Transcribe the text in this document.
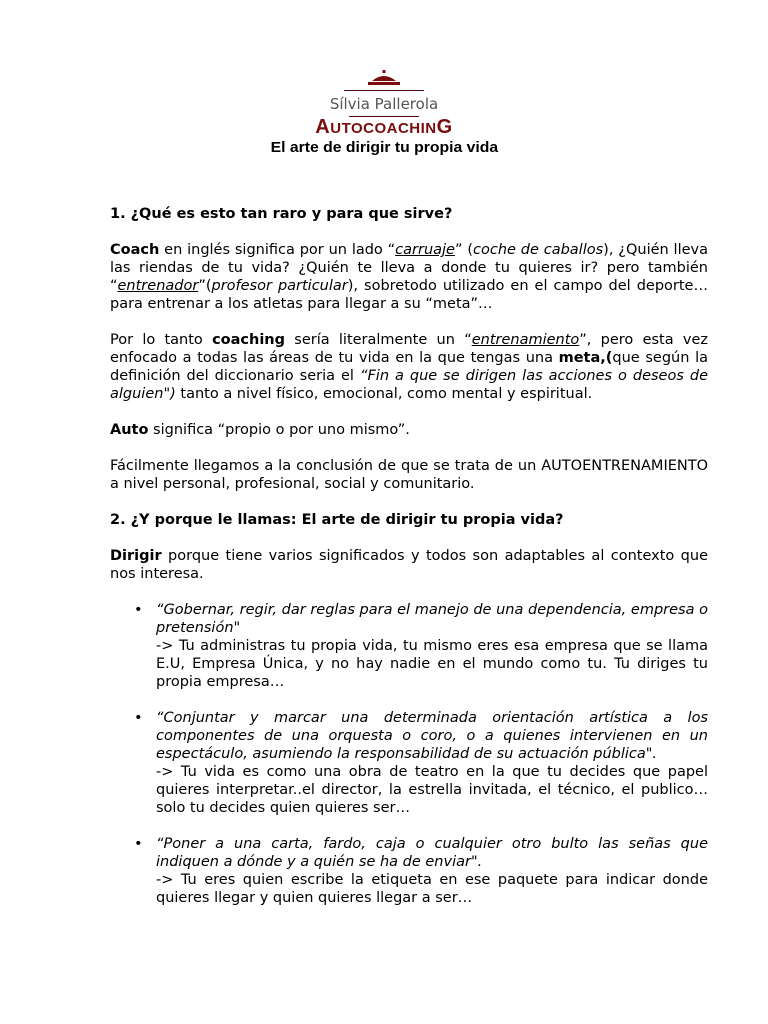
Sílvia Pallerola
AUTOCOACHING
El arte de dirigir tu propia vida
1. ¿Qué es esto tan raro y para que sirve?

Coach en inglés significa por un lado “carruaje” (coche de caballos), ¿Quién lleva las riendas de tu vida? ¿Quién te lleva a donde tu quieres ir? pero también “entrenador”(profesor particular), sobretodo utilizado en el campo del deporte…para entrenar a los atletas para llegar a su “meta”…

Por lo tanto coaching sería literalmente un “entrenamiento”, pero esta vez enfocado a todas las áreas de tu vida en la que tengas una meta,(que según la definición del diccionario seria el “Fin a que se dirigen las acciones o deseos de alguien") tanto a nivel físico, emocional, como mental y espiritual.

Auto significa “propio o por uno mismo”.

Fácilmente llegamos a la conclusión de que se trata de un AUTOENTRENAMIENTO a nivel personal, profesional, social y comunitario.

2. ¿Y porque le llamas: El arte de dirigir tu propia vida?

Dirigir porque tiene varios significados y todos son adaptables al contexto que nos interesa.

• “Gobernar, regir, dar reglas para el manejo de una dependencia, empresa o pretensión"
-> Tu administras tu propia vida, tu mismo eres esa empresa que se llama E.U, Empresa Única, y no hay nadie en el mundo como tu. Tu diriges tu propia empresa…
• “Conjuntar y marcar una determinada orientación artística a los componentes de una orquesta o coro, o a quienes intervienen en un espectáculo, asumiendo la responsabilidad de su actuación pública".
-> Tu vida es como una obra de teatro en la que tu decides que papel quieres interpretar..el director, la estrella invitada, el técnico, el publico…solo tu decides quien quieres ser…
• “Poner a una carta, fardo, caja o cualquier otro bulto las señas que indiquen a dónde y a quién se ha de enviar".
-> Tu eres quien escribe la etiqueta en ese paquete para indicar donde quieres llegar y quien quieres llegar a ser…
